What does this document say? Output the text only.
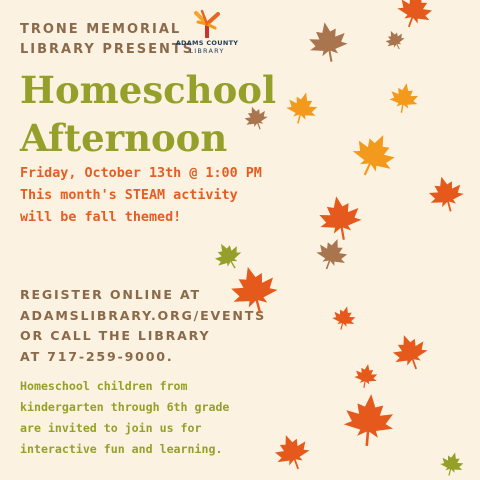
TRONE MEMORIAL
LIBRARY PRESENTS
ADAMS COUNTY
LIBRARY
Homeschool
Afternoon
Friday, October 13th @ 1:00 PM
This month's STEAM activity
will be fall themed!
REGISTER ONLINE AT
ADAMSLIBRARY.ORG/EVENTS
OR CALL THE LIBRARY
AT 717-259-9000.
Homeschool children from
kindergarten through 6th grade
are invited to join us for
interactive fun and learning.
